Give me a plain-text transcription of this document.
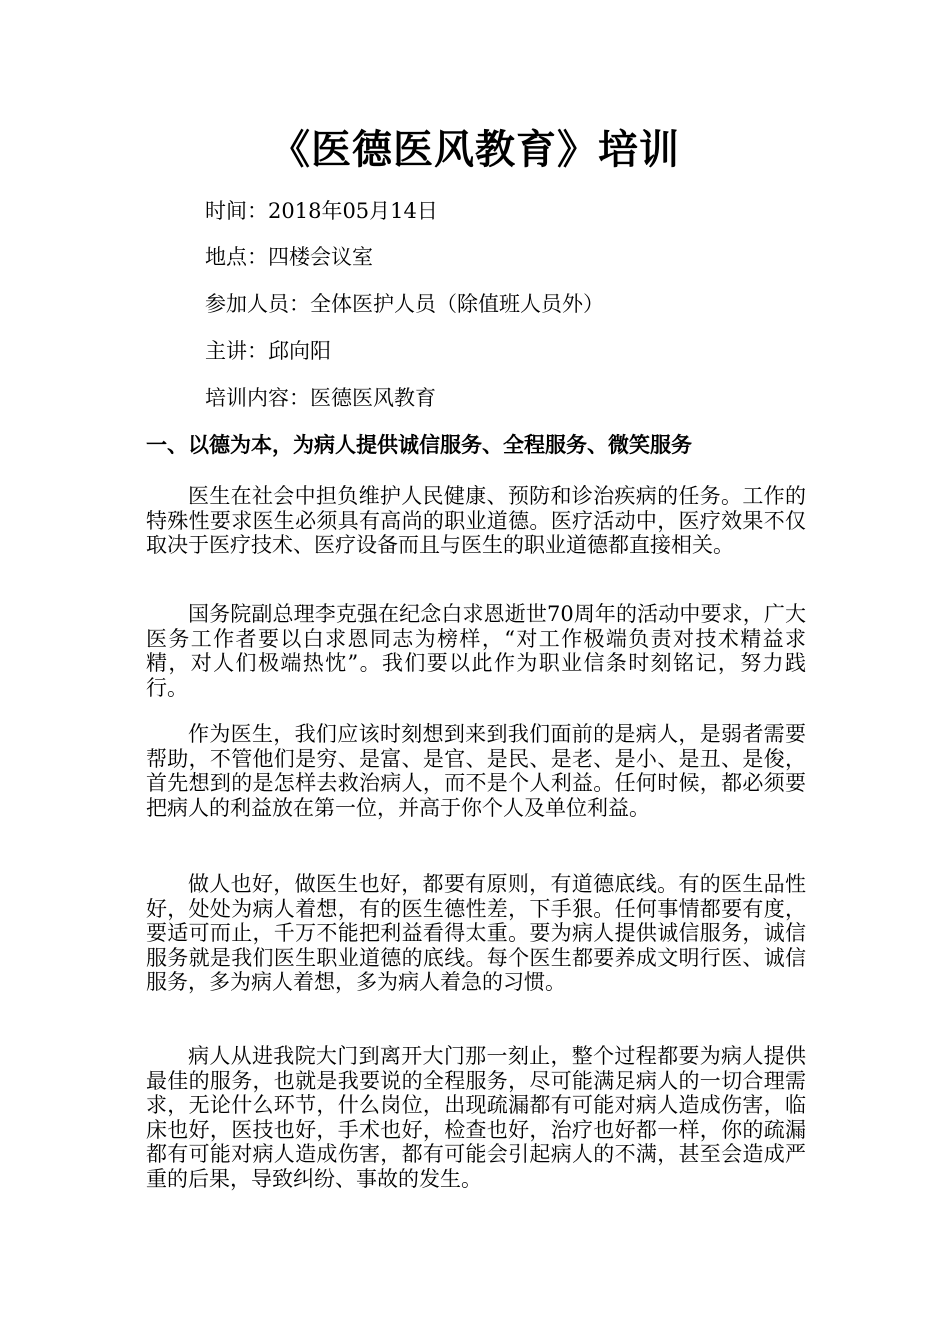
《医德医风教育》培训
时间：2018年05月14日
地点：四楼会议室
参加人员：全体医护人员（除值班人员外）
主讲：邱向阳
培训内容：医德医风教育
一、以德为本，为病人提供诚信服务、全程服务、微笑服务

医生在社会中担负维护人民健康、预防和诊治疾病的任务。工作的特殊性要求医生必须具有高尚的职业道德。医疗活动中，医疗效果不仅取决于医疗技术、医疗设备而且与医生的职业道德都直接相关。

国务院副总理李克强在纪念白求恩逝世70周年的活动中要求，广大医务工作者要以白求恩同志为榜样，“对工作极端负责对技术精益求精，对人们极端热忱”。我们要以此作为职业信条时刻铭记，努力践行。

作为医生，我们应该时刻想到来到我们面前的是病人，是弱者需要帮助，不管他们是穷、是富、是官、是民、是老、是小、是丑、是俊，首先想到的是怎样去救治病人，而不是个人利益。任何时候，都必须要把病人的利益放在第一位，并高于你个人及单位利益。

做人也好，做医生也好，都要有原则，有道德底线。有的医生品性好，处处为病人着想，有的医生德性差，下手狠。任何事情都要有度，要适可而止，千万不能把利益看得太重。要为病人提供诚信服务，诚信服务就是我们医生职业道德的底线。每个医生都要养成文明行医、诚信服务，多为病人着想，多为病人着急的习惯。

病人从进我院大门到离开大门那一刻止，整个过程都要为病人提供最佳的服务，也就是我要说的全程服务，尽可能满足病人的一切合理需求，无论什么环节，什么岗位，出现疏漏都有可能对病人造成伤害，临床也好，医技也好，手术也好，检查也好，治疗也好都一样，你的疏漏都有可能对病人造成伤害，都有可能会引起病人的不满，甚至会造成严重的后果，导致纠纷、事故的发生。
